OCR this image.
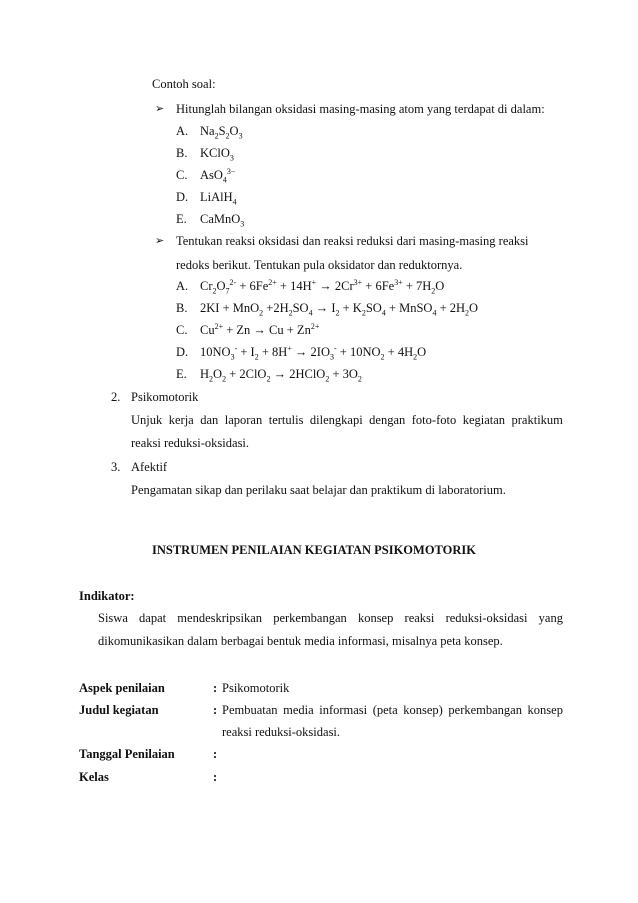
Contoh soal:
➢ Hitunglah bilangan oksidasi masing-masing atom yang terdapat di dalam:
A. $Na_2S_2O_3$
B. KClO$_3$
C. AsO$_4^{3-}$
D. LiAlH$_4$
E. CaMnO$_3$
➢ Tentukan reaksi oksidasi dan reaksi reduksi dari masing-masing reaksi
redoks berikut. Tentukan pula oksidator dan reduktornya.
A. $Cr_2O_7^{2-} + 6Fe^{2+} + 14H^+ \to 2Cr^{3+} + 6Fe^{3+} + 7H_2O$
B. $2KI + MnO_2 +2H_2SO_4 \to I_2 + K_2SO_4$ + MnSO$_4$ + $2H_2O$
C. $Cu^{2+} + Zn \to Cu + Zn^{2+}$
D. $10NO_3^- + I_2 + 8H^+ \to 2IO_3^- + 10NO_2 + 4H_2O$
E. $H_2O_2 + 2ClO_2$ → 2HClO$_2$ + $3O_2$
2. Psikomotorik
Unjuk kerja dan laporan tertulis dilengkapi dengan foto-foto kegiatan praktikum
reaksi reduksi-oksidasi.
3. Afektif
Pengamatan sikap dan perilaku saat belajar dan praktikum di laboratorium.
INSTRUMEN PENILAIAN KEGIATAN PSIKOMOTORIK
Indikator:
Siswa dapat mendeskripsikan perkembangan konsep reaksi reduksi-oksidasi yang
dikomunikasikan dalam berbagai bentuk media informasi, misalnya peta konsep.
Aspek penilaian	: Psikomotorik
Judul kegiatan	: Pembuatan media informasi (peta konsep) perkembangan konsep
reaksi reduksi-oksidasi.
Tanggal Penilaian	:
Kelas	:
